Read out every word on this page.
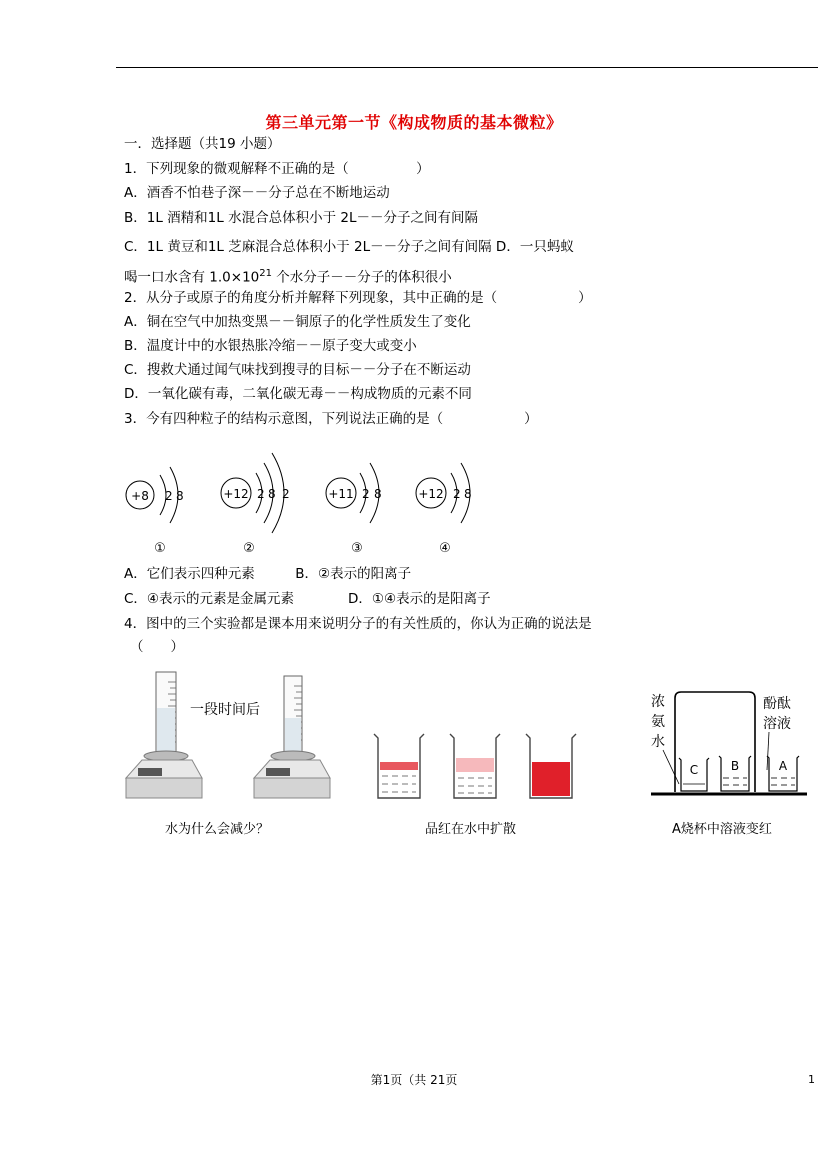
第三单元第一节《构成物质的基本微粒》
一．选择题（共19 小题）
1．下列现象的微观解释不正确的是（　　　　　）
A．酒香不怕巷子深－－分子总在不断地运动
B．1L 酒精和1L 水混合总体积小于 2L－－分子之间有间隔
C．1L 黄豆和1L 芝麻混合总体积小于 2L－－分子之间有间隔 D．一只蚂蚁
喝一口水含有 $1.0\times 10^{21}$ 个水分子－－分子的体积很小
2．从分子或原子的角度分析并解释下列现象，其中正确的是（　　　　　　）
A．铜在空气中加热变黑－－铜原子的化学性质发生了变化
B．温度计中的水银热胀冷缩－－原子变大或变小
C．搜救犬通过闻气味找到搜寻的目标－－分子在不断运动
D．一氧化碳有毒，二氧化碳无毒－－构成物质的元素不同
3．今有四种粒子的结构示意图，下列说法正确的是（　　　　　　）
+8 2 8
①
+12 2 8 2
②
+11 2 8
③
+12 2 8
④
A．它们表示四种元素　　　B．②表示的阳离子
C．④表示的元素是金属元素　　　　D．①④表示的是阳离子
4．图中的三个实验都是课本用来说明分子的有关性质的，你认为正确的说法是
（　　）
一段时间后
水为什么会减少？	品红在水中扩散
C	B	A
浓
氨
水
酚酞
溶液
A烧杯中溶液变红
第1页（共 21页	1
